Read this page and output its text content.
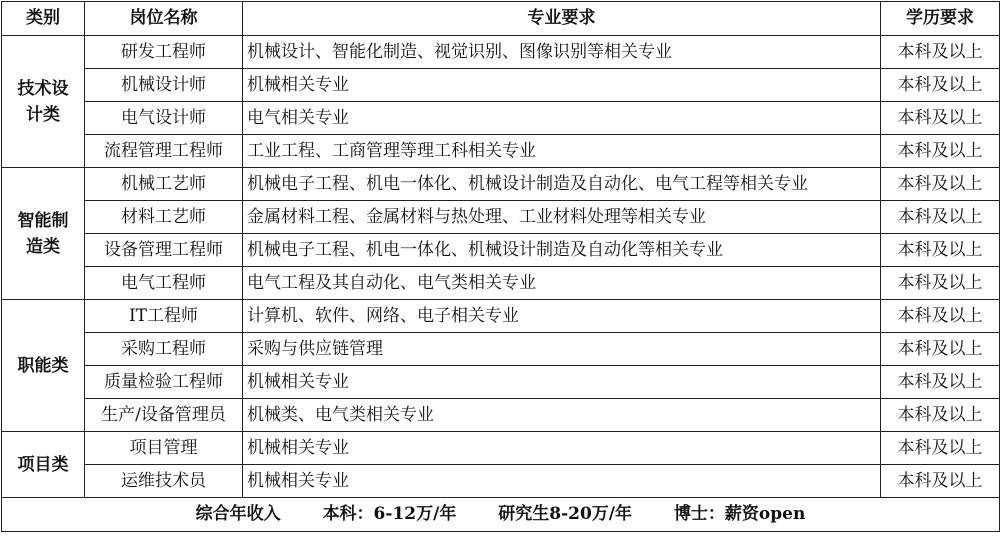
类别	岗位名称	专业要求	学历要求
技术设计类	研发工程师	机械设计、智能化制造、视觉识别、图像识别等相关专业	本科及以上
	机械设计师	机械相关专业	本科及以上
	电气设计师	电气相关专业	本科及以上
	流程管理工程师	工业工程、工商管理等理工科相关专业	本科及以上
智能制造类	机械工艺师	机械电子工程、机电一体化、机械设计制造及自动化、电气工程等相关专业	本科及以上
	材料工艺师	金属材料工程、金属材料与热处理、工业材料处理等相关专业	本科及以上
	设备管理工程师	机械电子工程、机电一体化、机械设计制造及自动化等相关专业	本科及以上
	电气工程师	电气工程及其自动化、电气类相关专业	本科及以上
职能类	IT工程师	计算机、软件、网络、电子相关专业	本科及以上
	采购工程师	采购与供应链管理	本科及以上
	质量检验工程师	机械相关专业	本科及以上
	生产/设备管理员	机械类、电气类相关专业	本科及以上
项目类	项目管理	机械相关专业	本科及以上
	运维技术员	机械相关专业	本科及以上
综合年收入 本科：6-12万/年 研究生8-20万/年 博士：薪资open			
